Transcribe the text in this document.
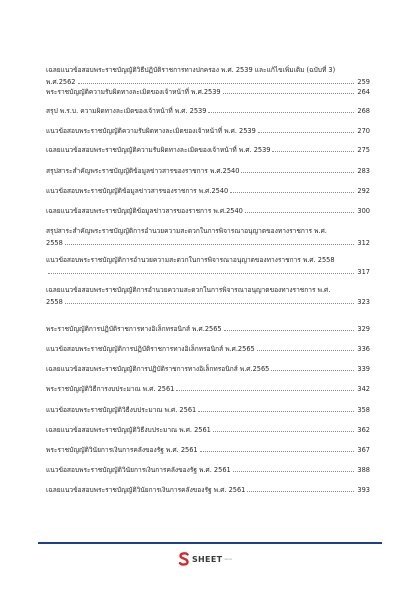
เฉลยแนวข้อสอบพระราชบัญญัติวิธีปฏิบัติราชการทางปกครอง พ.ศ. 2539 และแก้ไขเพิ่มเติม (ฉบับที่ 3)
พ.ศ.2562	259
พระราชบัญญัติความรับผิดทางละเมิดของเจ้าหน้าที่ พ.ศ.2539	264
สรุป พ.ร.บ. ความผิดทางละเมิดของเจ้าหน้าที่ พ.ศ. 2539	268
แนวข้อสอบพระราชบัญญัติความรับผิดทางละเมิดของเจ้าหน้าที่ พ.ศ. 2539	270
เฉลยแนวข้อสอบพระราชบัญญัติความรับผิดทางละเมิดของเจ้าหน้าที่ พ.ศ. 2539	275
สรุปสาระสำคัญพระราชบัญญัติข้อมูลข่าวสารของราชการ พ.ศ.2540	283
แนวข้อสอบพระราชบัญญัติข้อมูลข่าวสารของราชการ พ.ศ.2540	292
เฉลยแนวข้อสอบพระราชบัญญัติข้อมูลข่าวสารของราชการ พ.ศ.2540	300
สรุปสาระสำคัญพระราชบัญญัติการอำนวยความสะดวกในการพิจารณาอนุญาตของทางราชการ พ.ศ.
2558	312
แนวข้อสอบพระราชบัญญัติการอำนวยความสะดวกในการพิจารณาอนุญาตของทางราชการ พ.ศ. 2558
317
เฉลยแนวข้อสอบพระราชบัญญัติการอำนวยความสะดวกในการพิจารณาอนุญาตของทางราชการ พ.ศ.
2558	323
พระราชบัญญัติการปฏิบัติราชการทางอิเล็กทรอนิกส์ พ.ศ.2565	329
แนวข้อสอบพระราชบัญญัติการปฏิบัติราชการทางอิเล็กทรอนิกส์ พ.ศ.2565	336
เฉลยแนวข้อสอบพระราชบัญญัติการปฏิบัติราชการทางอิเล็กทรอนิกส์ พ.ศ.2565	339
พระราชบัญญัติวิธีการงบประมาณ พ.ศ. 2561	342
แนวข้อสอบพระราชบัญญัติวิธีงบประมาณ พ.ศ. 2561	358
เฉลยแนวข้อสอบพระราชบัญญัติวิธีงบประมาณ พ.ศ. 2561	362
พระราชบัญญัติวินัยการเงินการคลังของรัฐ พ.ศ. 2561	367
แนวข้อสอบพระราชบัญญัติวินัยการเงินการคลังของรัฐ พ.ศ. 2561	388
เฉลยแนวข้อสอบพระราชบัญญัติวินัยการเงินการคลังของรัฐ พ.ศ. 2561	393
SHEET store
